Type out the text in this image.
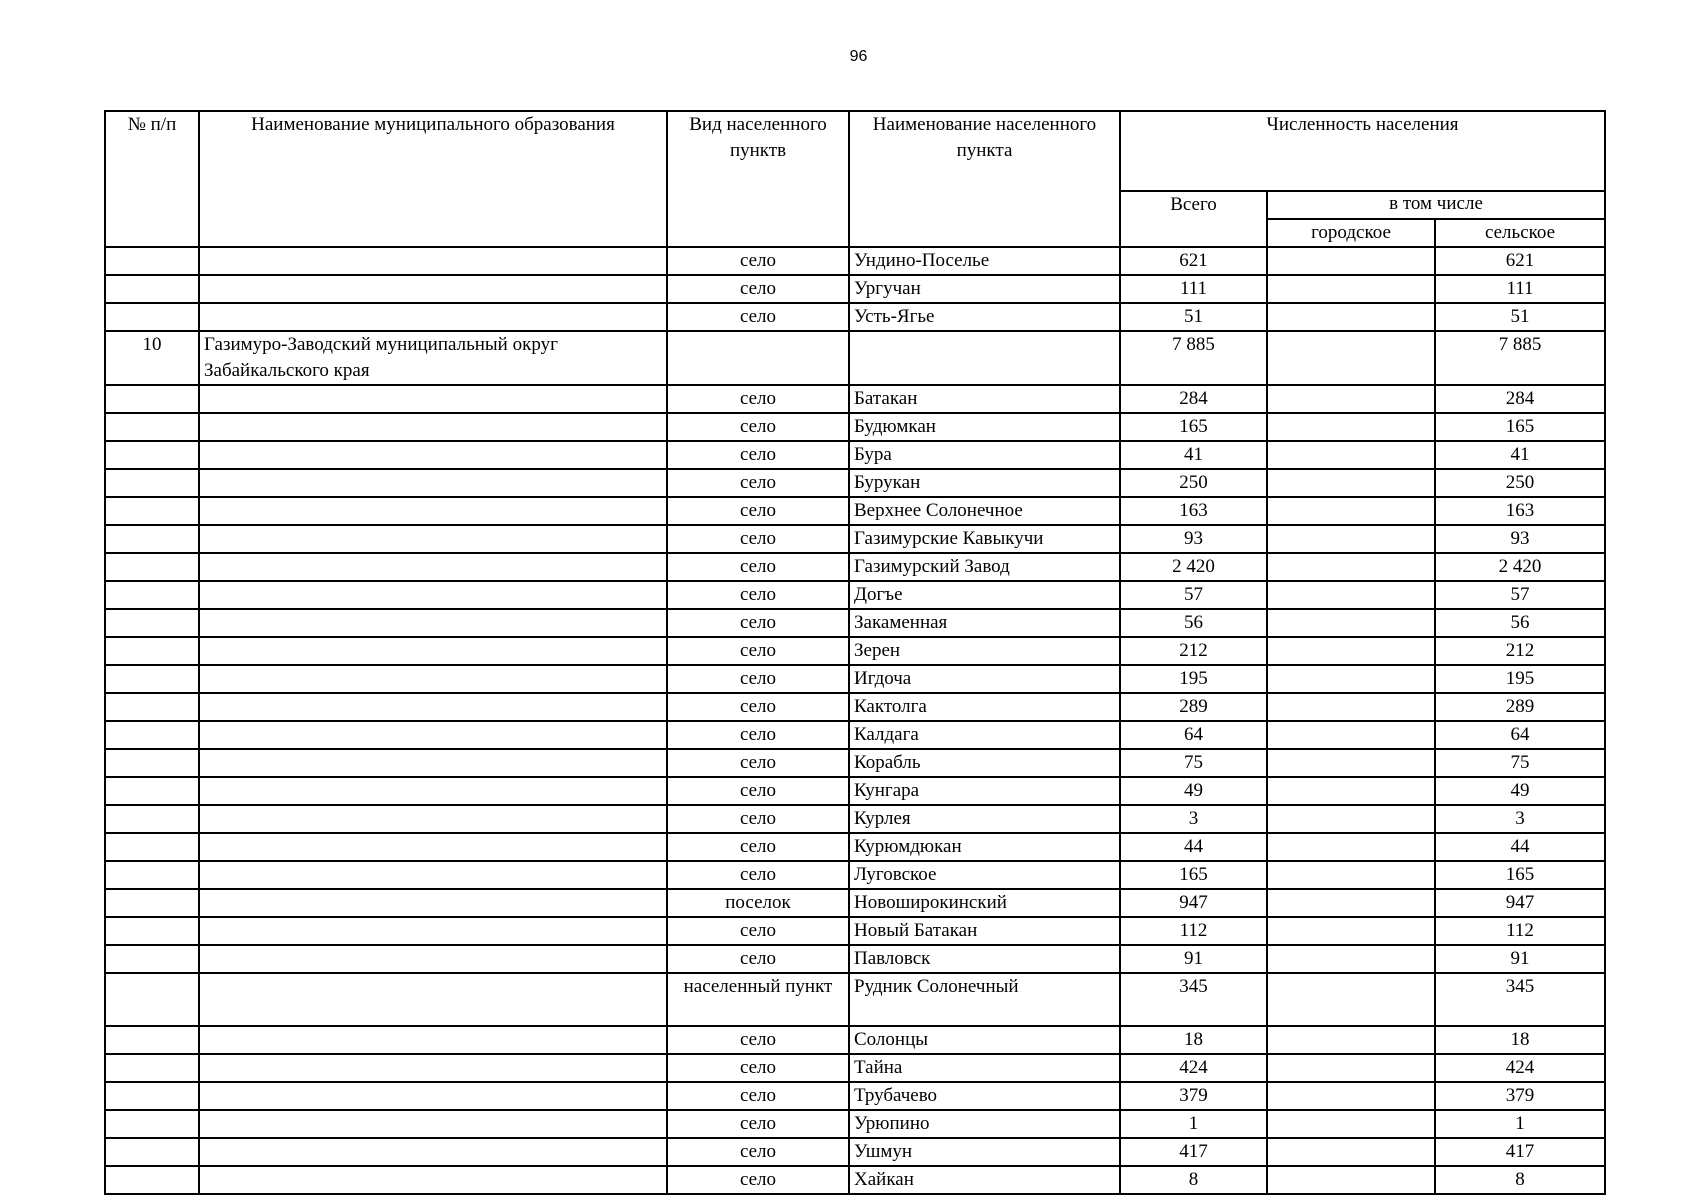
96
№ п/п	Наименование муниципального образования	Вид населенного пунктв	Наименование населенного пункта	Численность населения		
				Всего	в том числе	
					городское	сельское
		село	Ундино-Поселье	621		621
		село	Ургучан	111		111
		село	Усть-Ягье	51		51
10	Газимуро-Заводский муниципальный округ Забайкальского края			7 885		7 885
		село	Батакан	284		284
		село	Будюмкан	165		165
		село	Бура	41		41
		село	Бурукан	250		250
		село	Верхнее Солонечное	163		163
		село	Газимурские Кавыкучи	93		93
		село	Газимурский Завод	2 420		2 420
		село	Догъе	57		57
		село	Закаменная	56		56
		село	Зерен	212		212
		село	Игдоча	195		195
		село	Кактолга	289		289
		село	Калдага	64		64
		село	Корабль	75		75
		село	Кунгара	49		49
		село	Курлея	3		3
		село	Курюмдюкан	44		44
		село	Луговское	165		165
		поселок	Новоширокинский	947		947
		село	Новый Батакан	112		112
		село	Павловск	91		91
		населенный пункт	Рудник Солонечный	345		345
		село	Солонцы	18		18
		село	Тайна	424		424
		село	Трубачево	379		379
		село	Урюпино	1		1
		село	Ушмун	417		417
		село	Хайкан	8		8
